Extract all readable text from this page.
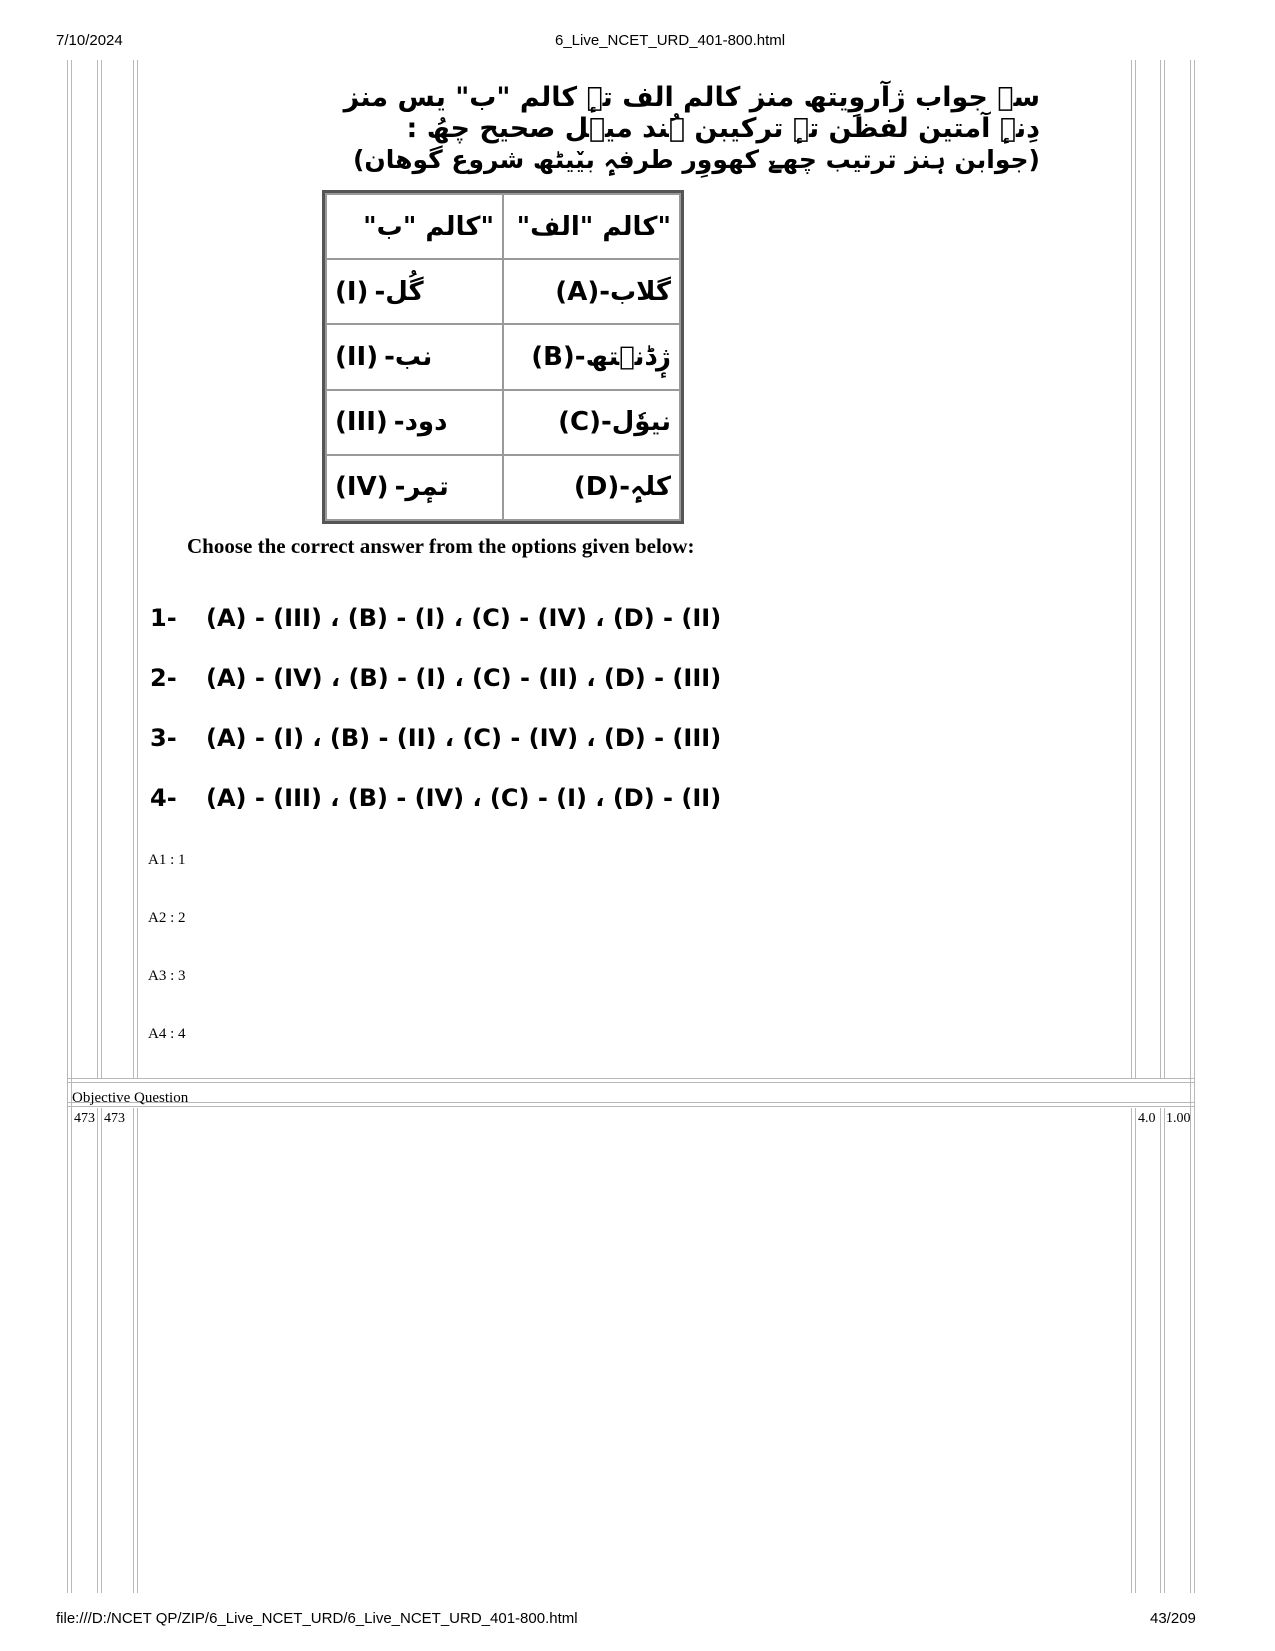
7/10/2024	6_Live_NCET_URD_401-800.html
سہ جواب ژآروِیتھ منز کالم الف تہٕ کالم "ب" یس منز دِنہٕ آمتین لفظن تہٕ ترکیبن ہُند میٖل صحیح چھُ :
(جوابن ہنز ترتیب چھےٚ کھووِر طرفہٕ بیٚیٹھ شروع گوھان)
"کالم "ب"	"کالم "الف"
(I) -گُل	گلاب-(A)
(II) -نب	ژٕڈنٛتھ-(B)
(III) -دود	نیوٗل-(C)
(IV) -تمٕر	کلہٕ-(D)
Choose the correct answer from the options given below:
1- (A) - (III) ، (B) - (I) ، (C) - (IV) ، (D) - (II)
2- (A) - (IV) ، (B) - (I) ، (C) - (II) ، (D) - (III)
3- (A) - (I) ، (B) - (II) ، (C) - (IV) ، (D) - (III)
4- (A) - (III) ، (B) - (IV) ، (C) - (I) ، (D) - (II)
A1 : 1
A2 : 2
A3 : 3
A4 : 4
Objective Question
473 473	4.0 1.00
file:///D:/NCET QP/ZIP/6_Live_NCET_URD/6_Live_NCET_URD_401-800.html	43/209
